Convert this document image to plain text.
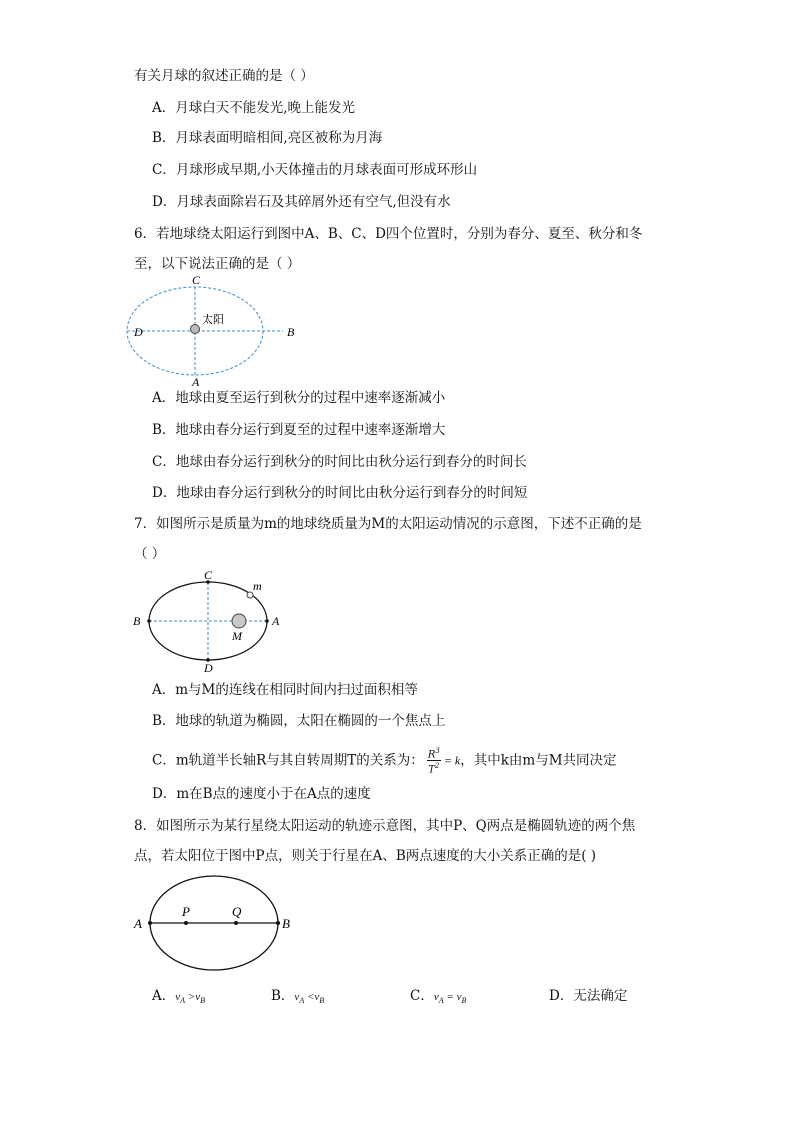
有关月球的叙述正确的是（ ）
A．月球白天不能发光,晚上能发光
B．月球表面明暗相间,亮区被称为月海
C．月球形成早期,小天体撞击的月球表面可形成环形山
D．月球表面除岩石及其碎屑外还有空气,但没有水
6．若地球绕太阳运行到图中A、B、C、D四个位置时，分别为春分、夏至、秋分和冬
至，以下说法正确的是（ ）
C
A
D	B
太阳
A．地球由夏至运行到秋分的过程中速率逐渐减小
B．地球由春分运行到夏至的过程中速率逐渐增大
C．地球由春分运行到秋分的时间比由秋分运行到春分的时间长
D．地球由春分运行到秋分的时间比由秋分运行到春分的时间短
7．如图所示是质量为m的地球绕质量为M的太阳运动情况的示意图，下述不正确的是
（ ）
C
D
B	A
M
m
A．m与M的连线在相同时间内扫过面积相等
B．地球的轨道为椭圆，太阳在椭圆的一个焦点上
C．m轨道半长轴R与其自转周期T的关系为： $\frac{R^3}{T^2} = k$，其中k由m与M共同决定
D．m在B点的速度小于在A点的速度
8．如图所示为某行星绕太阳运动的轨迹示意图，其中P、Q两点是椭圆轨迹的两个焦
点，若太阳位于图中P点，则关于行星在A、B两点速度的大小关系正确的是( )
A	B
P	Q
A．$v_A >v_B$	B．$v_A <v_B$	C．$v_A = v_B$	D．无法确定
